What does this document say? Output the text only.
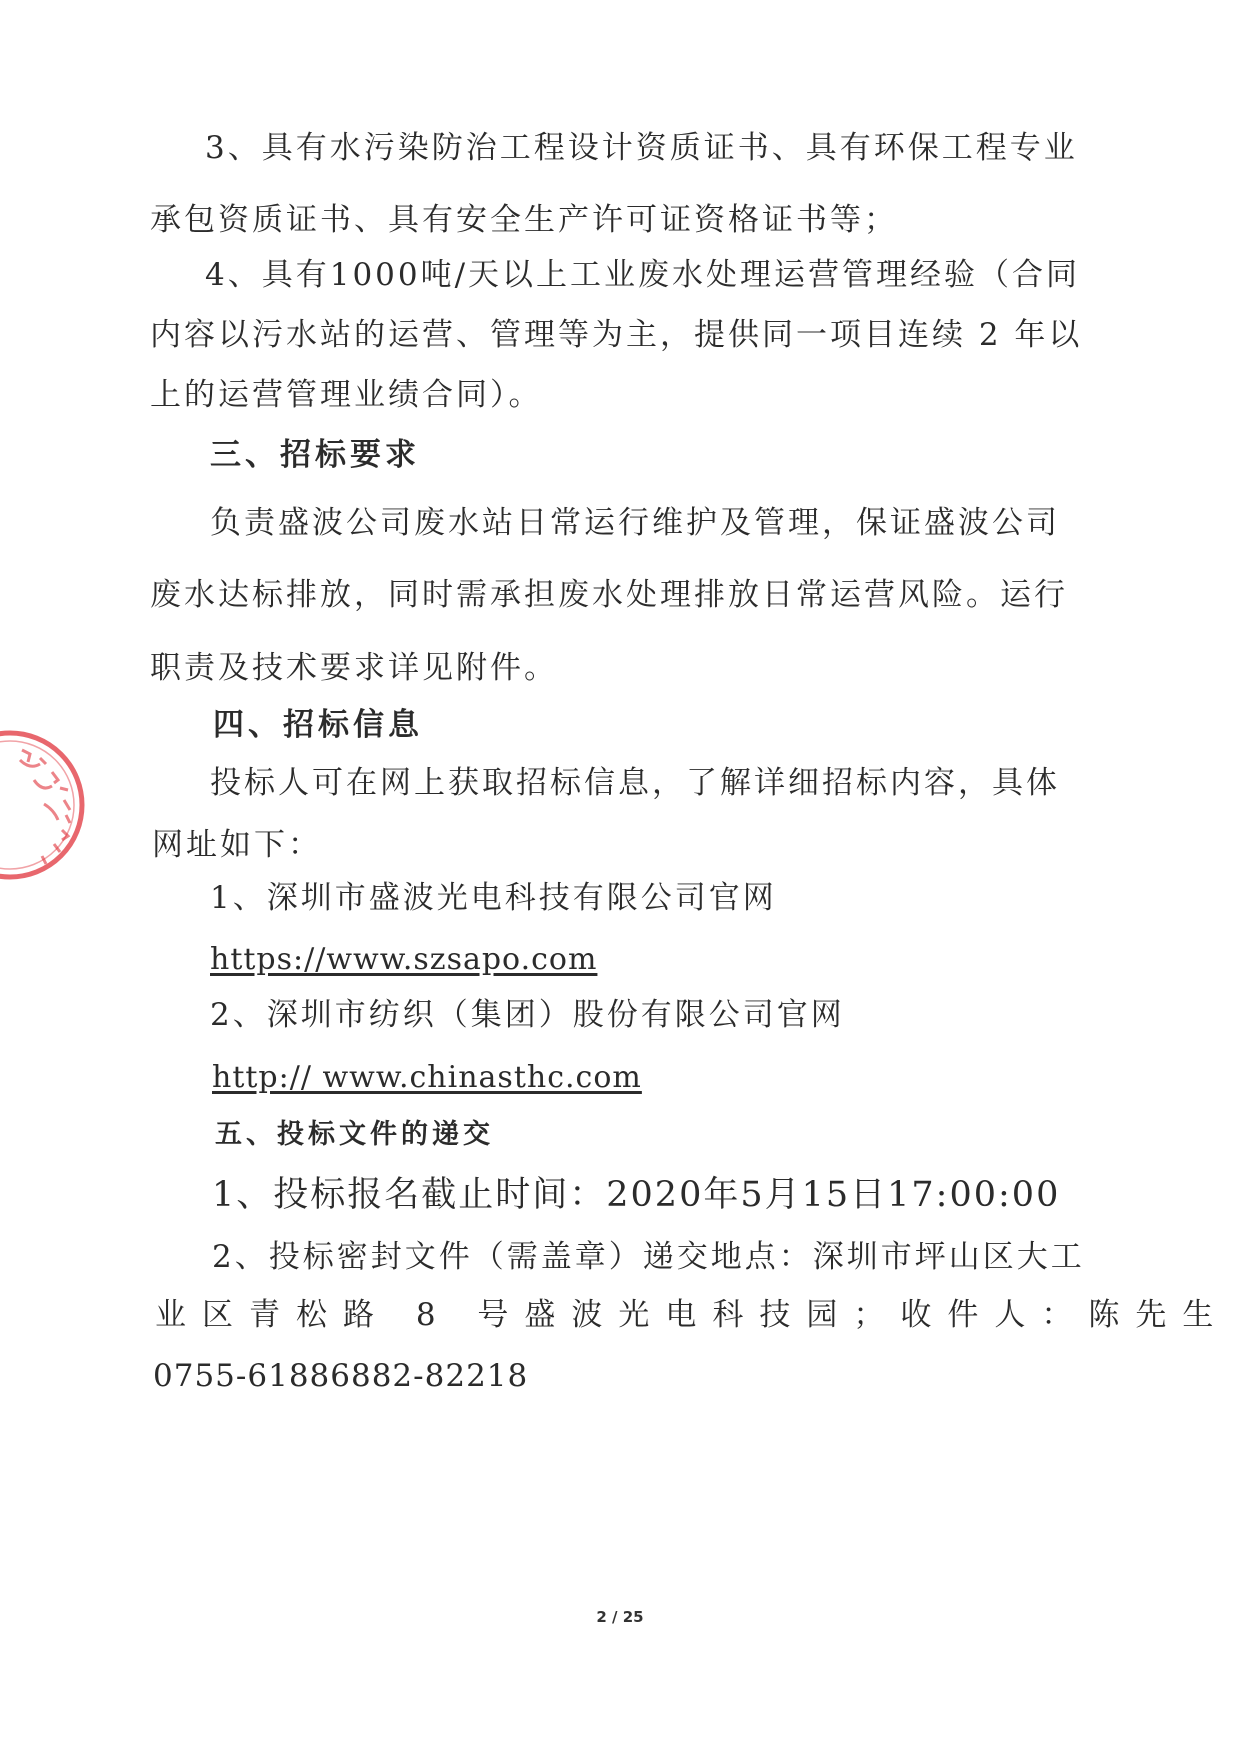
3、具有水污染防治工程设计资质证书、具有环保工程专业
承包资质证书、具有安全生产许可证资格证书等；
4、具有1000吨/天以上工业废水处理运营管理经验（合同
内容以污水站的运营、管理等为主，提供同一项目连续 2 年以
上的运营管理业绩合同）。
三、招标要求
负责盛波公司废水站日常运行维护及管理，保证盛波公司
废水达标排放，同时需承担废水处理排放日常运营风险。运行
职责及技术要求详见附件。
四、招标信息
投标人可在网上获取招标信息，了解详细招标内容，具体
网址如下：
1、深圳市盛波光电科技有限公司官网
https://www.szsapo.com
2、深圳市纺织（集团）股份有限公司官网
http:// www.chinasthc.com
五、投标文件的递交
1、投标报名截止时间：2020年5月15日17:00:00
2、投标密封文件（需盖章）递交地点：深圳市坪山区大工
业区青松路 8 号盛波光电科技园；收件人：陈先生
0755-61886882-82218
2 / 25
